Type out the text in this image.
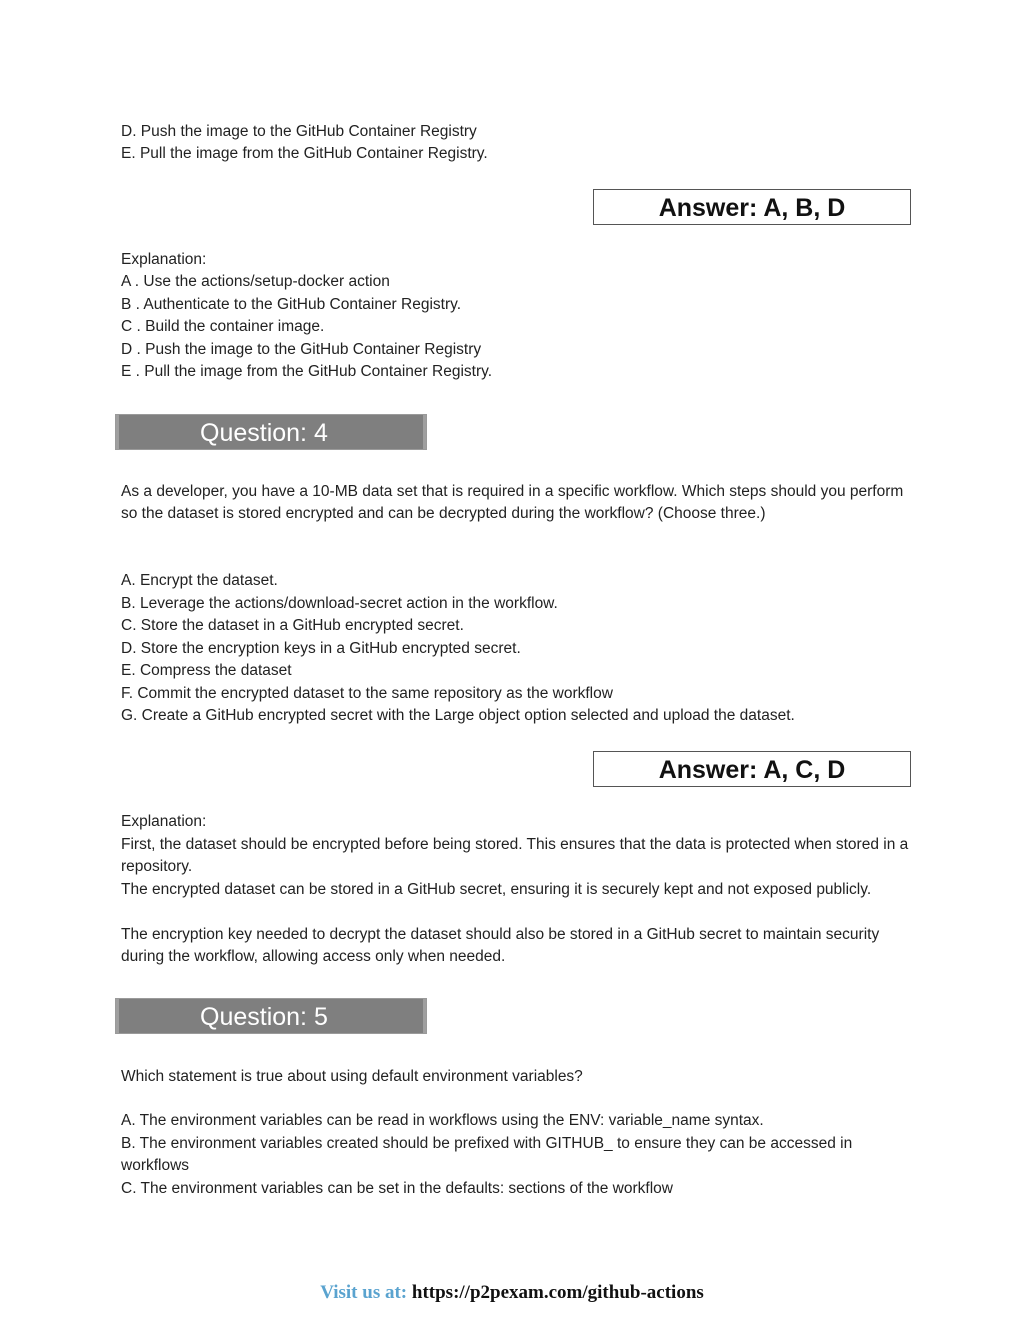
D. Push the image to the GitHub Container Registry
E. Pull the image from the GitHub Container Registry.
Answer: A, B, D
Explanation:
A . Use the actions/setup-docker action
B . Authenticate to the GitHub Container Registry.
C . Build the container image.
D . Push the image to the GitHub Container Registry
E . Pull the image from the GitHub Container Registry.
Question: 4
As a developer, you have a 10-MB data set that is required in a specific workflow. Which steps should you perform so the dataset is stored encrypted and can be decrypted during the workflow? (Choose three.)
A. Encrypt the dataset.
B. Leverage the actions/download-secret action in the workflow.
C. Store the dataset in a GitHub encrypted secret.
D. Store the encryption keys in a GitHub encrypted secret.
E. Compress the dataset
F. Commit the encrypted dataset to the same repository as the workflow
G. Create a GitHub encrypted secret with the Large object option selected and upload the dataset.
Answer: A, C, D
Explanation:
First, the dataset should be encrypted before being stored. This ensures that the data is protected when stored in a repository.
The encrypted dataset can be stored in a GitHub secret, ensuring it is securely kept and not exposed publicly.
The encryption key needed to decrypt the dataset should also be stored in a GitHub secret to maintain security during the workflow, allowing access only when needed.
Question: 5
Which statement is true about using default environment variables?
A. The environment variables can be read in workflows using the ENV: variable_name syntax.
B. The environment variables created should be prefixed with GITHUB_ to ensure they can be accessed in workflows
C. The environment variables can be set in the defaults: sections of the workflow
Visit us at: https://p2pexam.com/github-actions
